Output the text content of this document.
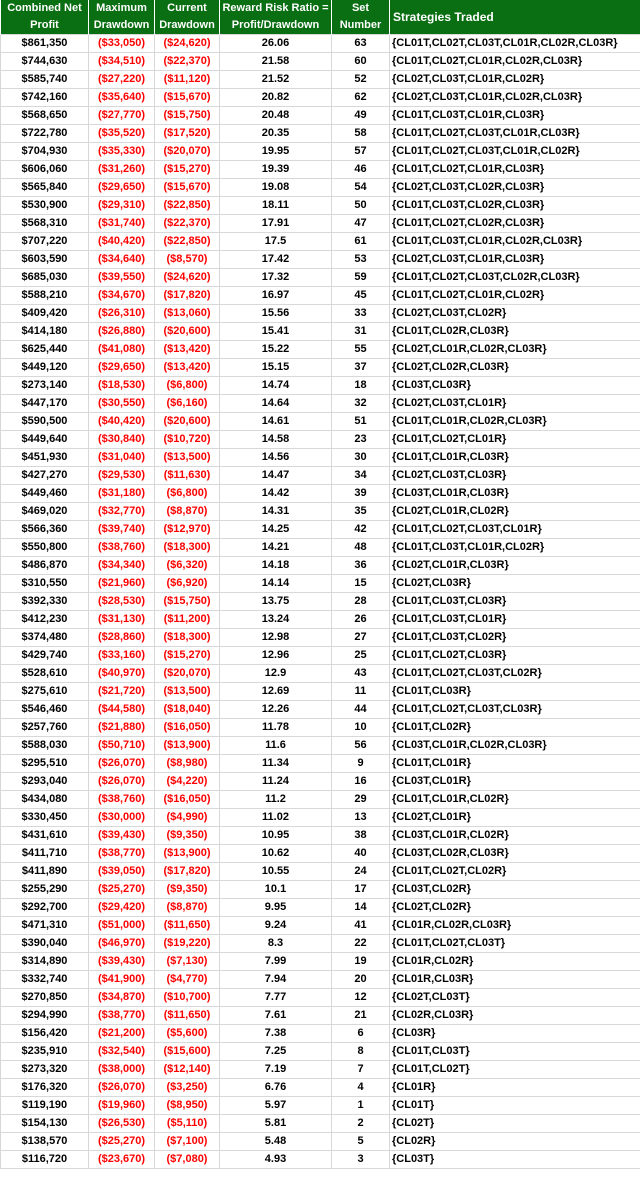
Combined Net	Maximum	Current	Reward Risk Ratio =	Set	Strategies Traded
Profit	Drawdown	Drawdown	Profit/Drawdown	Number	
$861,350	($33,050)	($24,620)	26.06	63	{CL01T,CL02T,CL03T,CL01R,CL02R,CL03R}
$744,630	($34,510)	($22,370)	21.58	60	{CL01T,CL02T,CL01R,CL02R,CL03R}
$585,740	($27,220)	($11,120)	21.52	52	{CL02T,CL03T,CL01R,CL02R}
$742,160	($35,640)	($15,670)	20.82	62	{CL02T,CL03T,CL01R,CL02R,CL03R}
$568,650	($27,770)	($15,750)	20.48	49	{CL01T,CL03T,CL01R,CL03R}
$722,780	($35,520)	($17,520)	20.35	58	{CL01T,CL02T,CL03T,CL01R,CL03R}
$704,930	($35,330)	($20,070)	19.95	57	{CL01T,CL02T,CL03T,CL01R,CL02R}
$606,060	($31,260)	($15,270)	19.39	46	{CL01T,CL02T,CL01R,CL03R}
$565,840	($29,650)	($15,670)	19.08	54	{CL02T,CL03T,CL02R,CL03R}
$530,900	($29,310)	($22,850)	18.11	50	{CL01T,CL03T,CL02R,CL03R}
$568,310	($31,740)	($22,370)	17.91	47	{CL01T,CL02T,CL02R,CL03R}
$707,220	($40,420)	($22,850)	17.5	61	{CL01T,CL03T,CL01R,CL02R,CL03R}
$603,590	($34,640)	($8,570)	17.42	53	{CL02T,CL03T,CL01R,CL03R}
$685,030	($39,550)	($24,620)	17.32	59	{CL01T,CL02T,CL03T,CL02R,CL03R}
$588,210	($34,670)	($17,820)	16.97	45	{CL01T,CL02T,CL01R,CL02R}
$409,420	($26,310)	($13,060)	15.56	33	{CL02T,CL03T,CL02R}
$414,180	($26,880)	($20,600)	15.41	31	{CL01T,CL02R,CL03R}
$625,440	($41,080)	($13,420)	15.22	55	{CL02T,CL01R,CL02R,CL03R}
$449,120	($29,650)	($13,420)	15.15	37	{CL02T,CL02R,CL03R}
$273,140	($18,530)	($6,800)	14.74	18	{CL03T,CL03R}
$447,170	($30,550)	($6,160)	14.64	32	{CL02T,CL03T,CL01R}
$590,500	($40,420)	($20,600)	14.61	51	{CL01T,CL01R,CL02R,CL03R}
$449,640	($30,840)	($10,720)	14.58	23	{CL01T,CL02T,CL01R}
$451,930	($31,040)	($13,500)	14.56	30	{CL01T,CL01R,CL03R}
$427,270	($29,530)	($11,630)	14.47	34	{CL02T,CL03T,CL03R}
$449,460	($31,180)	($6,800)	14.42	39	{CL03T,CL01R,CL03R}
$469,020	($32,770)	($8,870)	14.31	35	{CL02T,CL01R,CL02R}
$566,360	($39,740)	($12,970)	14.25	42	{CL01T,CL02T,CL03T,CL01R}
$550,800	($38,760)	($18,300)	14.21	48	{CL01T,CL03T,CL01R,CL02R}
$486,870	($34,340)	($6,320)	14.18	36	{CL02T,CL01R,CL03R}
$310,550	($21,960)	($6,920)	14.14	15	{CL02T,CL03R}
$392,330	($28,530)	($15,750)	13.75	28	{CL01T,CL03T,CL03R}
$412,230	($31,130)	($11,200)	13.24	26	{CL01T,CL03T,CL01R}
$374,480	($28,860)	($18,300)	12.98	27	{CL01T,CL03T,CL02R}
$429,740	($33,160)	($15,270)	12.96	25	{CL01T,CL02T,CL03R}
$528,610	($40,970)	($20,070)	12.9	43	{CL01T,CL02T,CL03T,CL02R}
$275,610	($21,720)	($13,500)	12.69	11	{CL01T,CL03R}
$546,460	($44,580)	($18,040)	12.26	44	{CL01T,CL02T,CL03T,CL03R}
$257,760	($21,880)	($16,050)	11.78	10	{CL01T,CL02R}
$588,030	($50,710)	($13,900)	11.6	56	{CL03T,CL01R,CL02R,CL03R}
$295,510	($26,070)	($8,980)	11.34	9	{CL01T,CL01R}
$293,040	($26,070)	($4,220)	11.24	16	{CL03T,CL01R}
$434,080	($38,760)	($16,050)	11.2	29	{CL01T,CL01R,CL02R}
$330,450	($30,000)	($4,990)	11.02	13	{CL02T,CL01R}
$431,610	($39,430)	($9,350)	10.95	38	{CL03T,CL01R,CL02R}
$411,710	($38,770)	($13,900)	10.62	40	{CL03T,CL02R,CL03R}
$411,890	($39,050)	($17,820)	10.55	24	{CL01T,CL02T,CL02R}
$255,290	($25,270)	($9,350)	10.1	17	{CL03T,CL02R}
$292,700	($29,420)	($8,870)	9.95	14	{CL02T,CL02R}
$471,310	($51,000)	($11,650)	9.24	41	{CL01R,CL02R,CL03R}
$390,040	($46,970)	($19,220)	8.3	22	{CL01T,CL02T,CL03T}
$314,890	($39,430)	($7,130)	7.99	19	{CL01R,CL02R}
$332,740	($41,900)	($4,770)	7.94	20	{CL01R,CL03R}
$270,850	($34,870)	($10,700)	7.77	12	{CL02T,CL03T}
$294,990	($38,770)	($11,650)	7.61	21	{CL02R,CL03R}
$156,420	($21,200)	($5,600)	7.38	6	{CL03R}
$235,910	($32,540)	($15,600)	7.25	8	{CL01T,CL03T}
$273,320	($38,000)	($12,140)	7.19	7	{CL01T,CL02T}
$176,320	($26,070)	($3,250)	6.76	4	{CL01R}
$119,190	($19,960)	($8,950)	5.97	1	{CL01T}
$154,130	($26,530)	($5,110)	5.81	2	{CL02T}
$138,570	($25,270)	($7,100)	5.48	5	{CL02R}
$116,720	($23,670)	($7,080)	4.93	3	{CL03T}
